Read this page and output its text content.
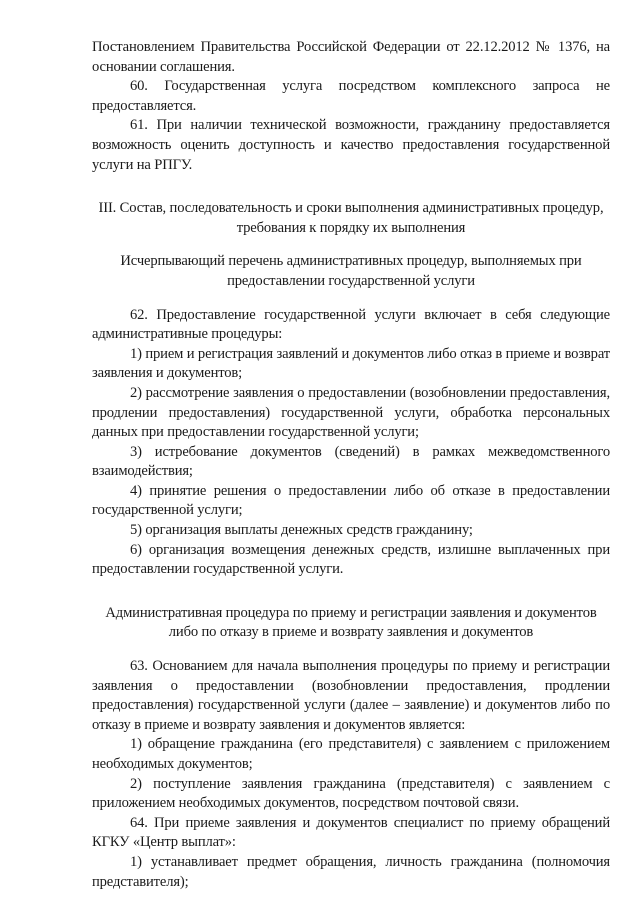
Постановлением Правительства Российской Федерации от 22.12.2012 № 1376, на основании соглашения.

60. Государственная услуга посредством комплексного запроса не предоставляется.

61. При наличии технической возможности, гражданину предоставляется возможность оценить доступность и качество предоставления государственной услуги на РПГУ.

III. Состав, последовательность и сроки выполнения административных процедур, требования к порядку их выполнения

Исчерпывающий перечень административных процедур, выполняемых при предоставлении государственной услуги

62. Предоставление государственной услуги включает в себя следующие административные процедуры:

1) прием и регистрация заявлений и документов либо отказ в приеме и возврат заявления и документов;

2) рассмотрение заявления о предоставлении (возобновлении предоставления, продлении предоставления) государственной услуги, обработка персональных данных при предоставлении государственной услуги;

3) истребование документов (сведений) в рамках межведомственного взаимодействия;

4) принятие решения о предоставлении либо об отказе в предоставлении государственной услуги;

5) организация выплаты денежных средств гражданину;

6) организация возмещения денежных средств, излишне выплаченных при предоставлении государственной услуги.

Административная процедура по приему и регистрации заявления и документов либо по отказу в приеме и возврату заявления и документов

63. Основанием для начала выполнения процедуры по приему и регистрации заявления о предоставлении (возобновлении предоставления, продлении предоставления) государственной услуги (далее – заявление) и документов либо по отказу в приеме и возврату заявления и документов является:

1) обращение гражданина (его представителя) с заявлением с приложением необходимых документов;

2) поступление заявления гражданина (представителя) с заявлением с приложением необходимых документов, посредством почтовой связи.

64. При приеме заявления и документов специалист по приему обращений КГКУ «Центр выплат»:

1) устанавливает предмет обращения, личность гражданина (полномочия представителя);
